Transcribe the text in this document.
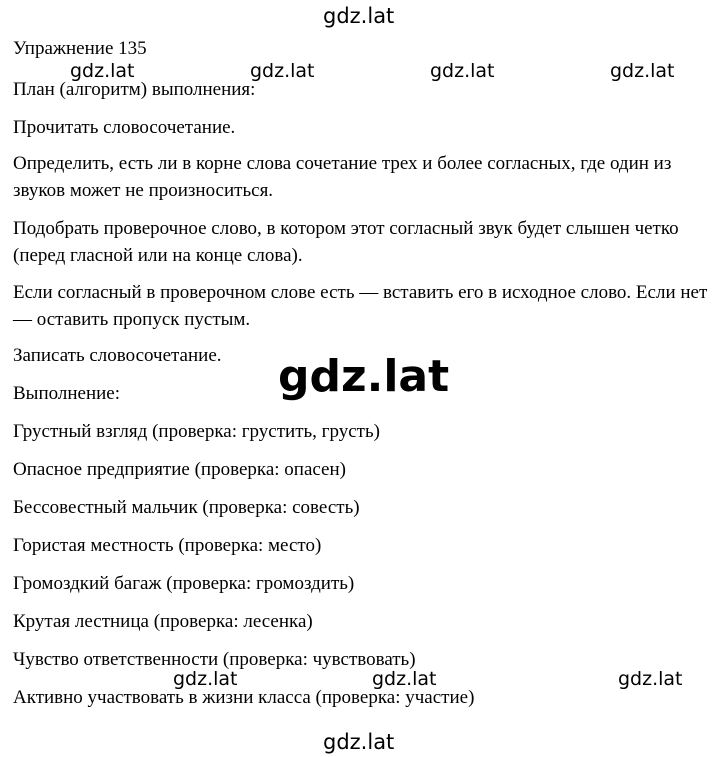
Упражнение 135

План (алгоритм) выполнения:

Прочитать словосочетание.

Определить, есть ли в корне слова сочетание трех и более согласных, где один из звуков может не произноситься.

Подобрать проверочное слово, в котором этот согласный звук будет слышен четко (перед гласной или на конце слова).

Если согласный в проверочном слове есть — вставить его в исходное слово. Если нет — оставить пропуск пустым.

Записать словосочетание.

Выполнение:

Грустный взгляд (проверка: грустить, грусть)

Опасное предприятие (проверка: опасен)

Бессовестный мальчик (проверка: совесть)

Гористая местность (проверка: место)

Громоздкий багаж (проверка: громоздить)

Крутая лестница (проверка: лесенка)

Чувство ответственности (проверка: чувствовать)

Активно участвовать в жизни класса (проверка: участие)

gdz.lat
gdz.lat	gdz.lat	gdz.lat	gdz.lat
gdz.lat
gdz.lat	gdz.lat	gdz.lat
gdz.lat
